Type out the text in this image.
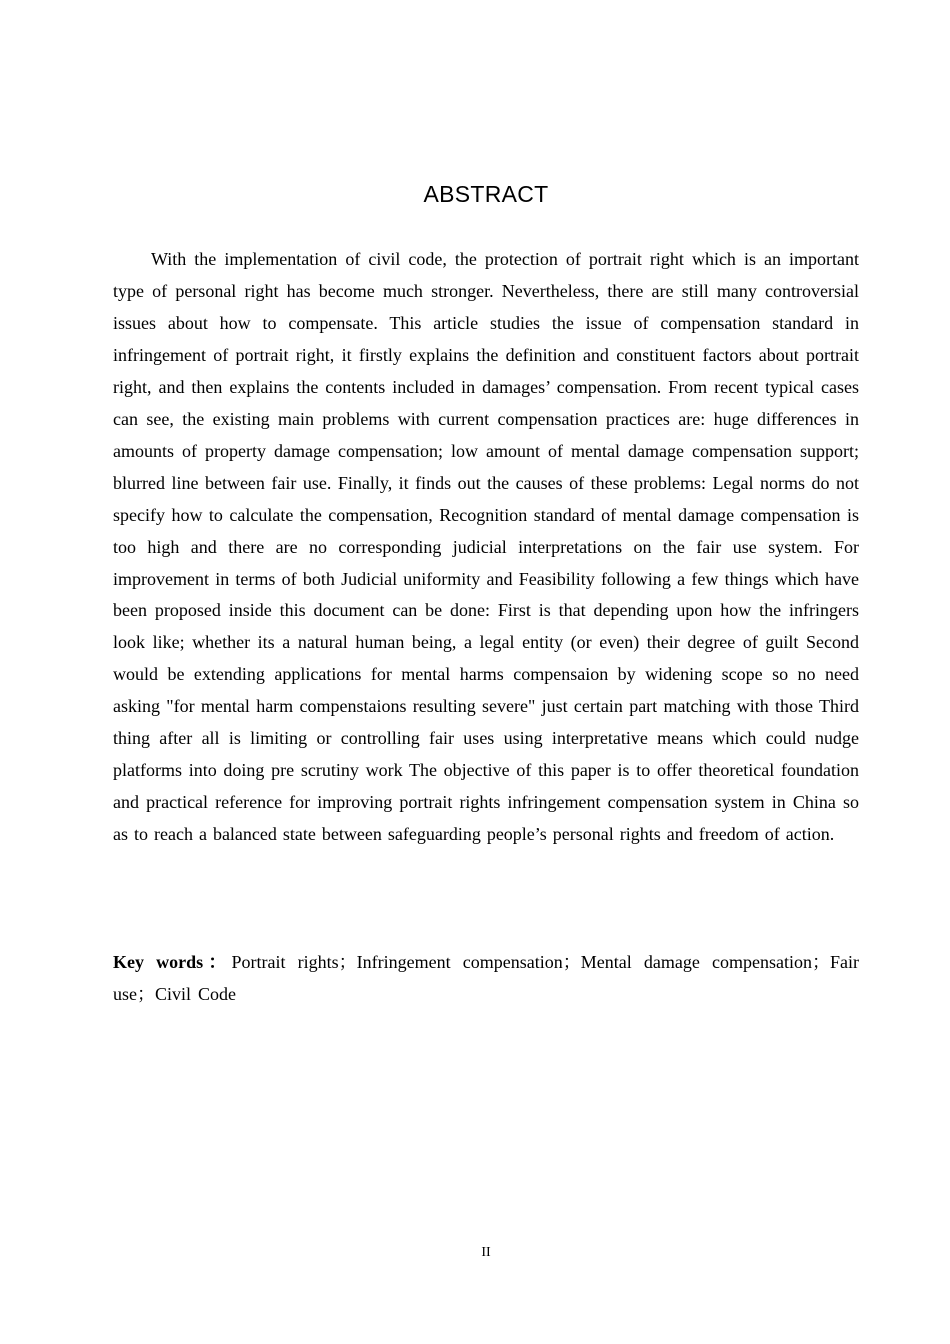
ABSTRACT

With the implementation of civil code, the protection of portrait right which is an important type of personal right has become much stronger. Nevertheless, there are still many controversial issues about how to compensate. This article studies the issue of compensation standard in infringement of portrait right, it firstly explains the definition and constituent factors about portrait right, and then explains the contents included in damages’ compensation. From recent typical cases can see, the existing main problems with current compensation practices are: huge differences in amounts of property damage compensation; low amount of mental damage compensation support; blurred line between fair use. Finally, it finds out the causes of these problems: Legal norms do not specify how to calculate the compensation, Recognition standard of mental damage compensation is too high and there are no corresponding judicial interpretations on the fair use system. For improvement in terms of both Judicial uniformity and Feasibility following a few things which have been proposed inside this document can be done: First is that depending upon how the infringers look like; whether its a natural human being, a legal entity (or even) their degree of guilt Second would be extending applications for mental harms compensaion by widening scope so no need asking "for mental harm compenstaions resulting severe" just certain part matching with those Third thing after all is limiting or controlling fair uses using interpretative means which could nudge platforms into doing pre scrutiny work The objective of this paper is to offer theoretical foundation and practical reference for improving portrait rights infringement compensation system in China so as to reach a balanced state between safeguarding people’s personal rights and freedom of action.

Key words：Portrait rights；Infringement compensation；Mental damage compensation；Fair use；Civil Code

II
